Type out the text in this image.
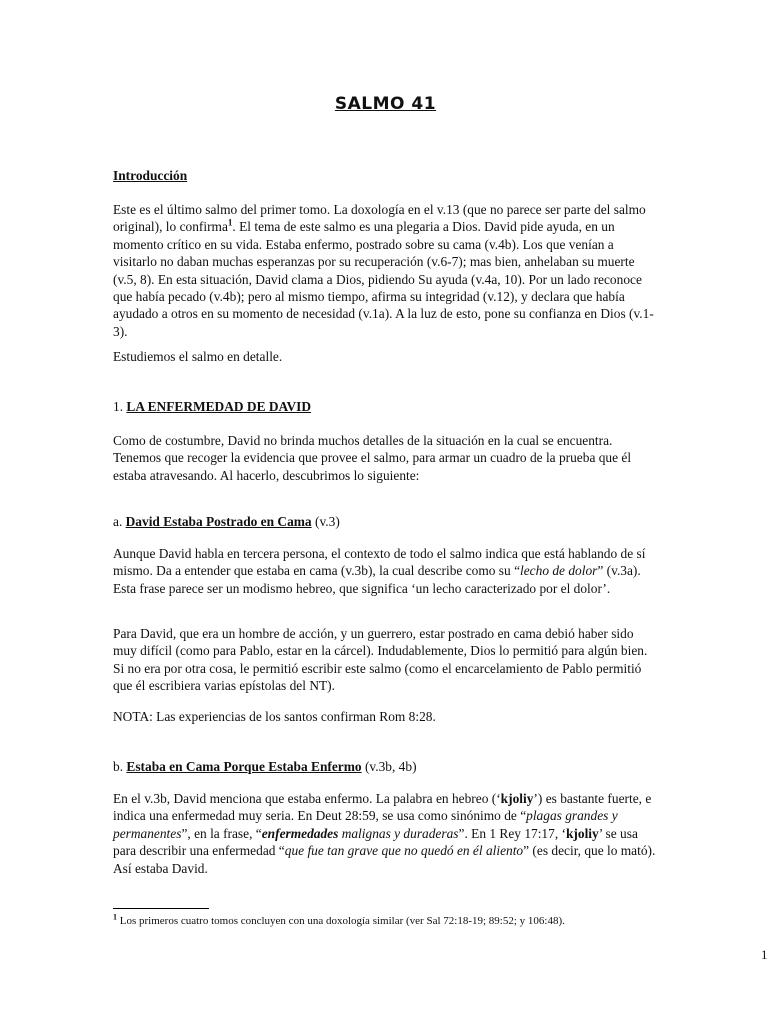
SALMO 41
Introducción

Este es el último salmo del primer tomo. La doxología en el v.13 (que no parece ser parte del salmo original), lo confirma$^1$. El tema de este salmo es una plegaria a Dios. David pide ayuda, en un momento crítico en su vida. Estaba enfermo, postrado sobre su cama (v.4b). Los que venían a visitarlo no daban muchas esperanzas por su recuperación (v.6-7); mas bien, anhelaban su muerte (v.5, 8). En esta situación, David clama a Dios, pidiendo Su ayuda (v.4a, 10). Por un lado reconoce que había pecado (v.4b); pero al mismo tiempo, afirma su integridad (v.12), y declara que había ayudado a otros en su momento de necesidad (v.1a). A la luz de esto, pone su confianza en Dios (v.1-3).

Estudiemos el salmo en detalle.

1. LA ENFERMEDAD DE DAVID

Como de costumbre, David no brinda muchos detalles de la situación en la cual se encuentra. Tenemos que recoger la evidencia que provee el salmo, para armar un cuadro de la prueba que él estaba atravesando. Al hacerlo, descubrimos lo siguiente:

a. David Estaba Postrado en Cama (v.3)

Aunque David habla en tercera persona, el contexto de todo el salmo indica que está hablando de sí mismo. Da a entender que estaba en cama (v.3b), la cual describe como su “lecho de dolor” (v.3a). Esta frase parece ser un modismo hebreo, que significa ‘un lecho caracterizado por el dolor’.

Para David, que era un hombre de acción, y un guerrero, estar postrado en cama debió haber sido muy difícil (como para Pablo, estar en la cárcel). Indudablemente, Dios lo permitió para algún bien. Si no era por otra cosa, le permitió escribir este salmo (como el encarcelamiento de Pablo permitió que él escribiera varias epístolas del NT).

NOTA: Las experiencias de los santos confirman Rom 8:28.

b. Estaba en Cama Porque Estaba Enfermo (v.3b, 4b)

En el v.3b, David menciona que estaba enfermo. La palabra en hebreo (‘kjoliy’) es bastante fuerte, e indica una enfermedad muy seria. En Deut 28:59, se usa como sinónimo de “plagas grandes y permanentes”, en la frase, “enfermedades malignas y duraderas”. En 1 Rey 17:17, ‘kjoliy’ se usa para describir una enfermedad “que fue tan grave que no quedó en él aliento” (es decir, que lo mató). Así estaba David.

$^1$ Los primeros cuatro tomos concluyen con una doxología similar (ver Sal 72:18-19; 89:52; y 106:48).
1
